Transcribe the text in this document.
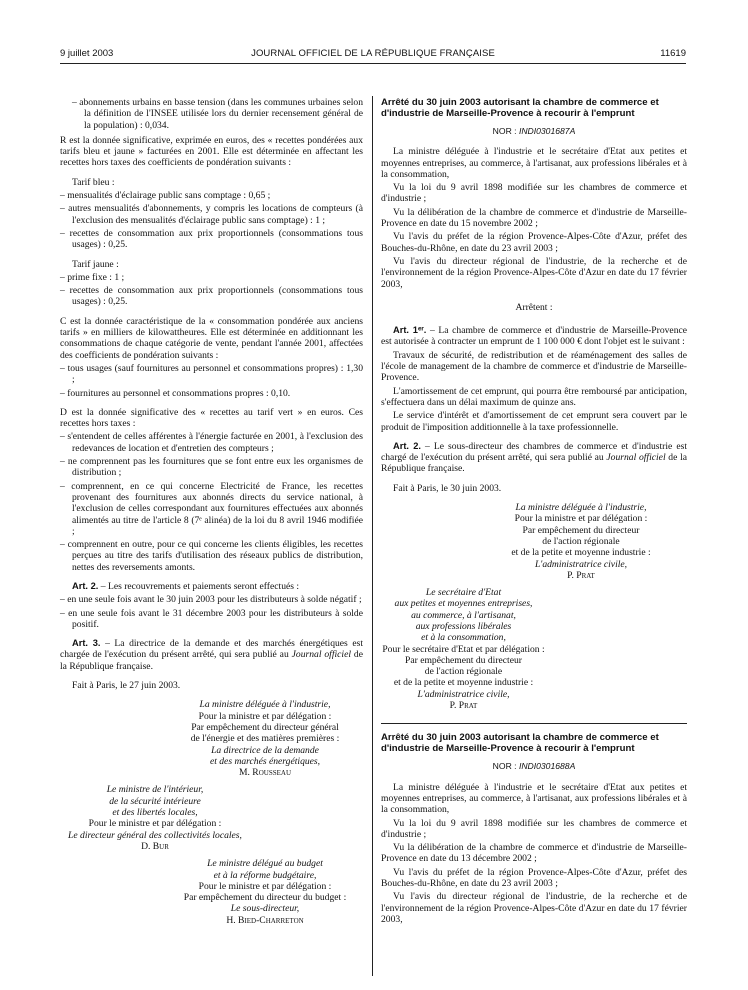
9 juillet 2003	JOURNAL OFFICIEL DE LA RÉPUBLIQUE FRANÇAISE	11619

– abonnements urbains en basse tension (dans les communes urbaines selon la définition de l'INSEE utilisée lors du dernier recensement général de la population) : 0,034.

R est la donnée significative, exprimée en euros, des « recettes pondérées aux tarifs bleu et jaune » facturées en 2001. Elle est déterminée en affectant les recettes hors taxes des coefficients de pondération suivants :

Tarif bleu :

– mensualités d'éclairage public sans comptage : 0,65 ;

– autres mensualités d'abonnements, y compris les locations de compteurs (à l'exclusion des mensualités d'éclairage public sans comptage) : 1 ;

– recettes de consommation aux prix proportionnels (consommations tous usages) : 0,25.

Tarif jaune :

– prime fixe : 1 ;

– recettes de consommation aux prix proportionnels (consommations tous usages) : 0,25.

C est la donnée caractéristique de la « consommation pondérée aux anciens tarifs » en milliers de kilowattheures. Elle est déterminée en additionnant les consommations de chaque catégorie de vente, pendant l'année 2001, affectées des coefficients de pondération suivants :

– tous usages (sauf fournitures au personnel et consommations propres) : 1,30 ;

– fournitures au personnel et consommations propres : 0,10.

D est la donnée significative des « recettes au tarif vert » en euros. Ces recettes hors taxes :

– s'entendent de celles afférentes à l'énergie facturée en 2001, à l'exclusion des redevances de location et d'entretien des compteurs ;

– ne comprennent pas les fournitures que se font entre eux les organismes de distribution ;

– comprennent, en ce qui concerne Electricité de France, les recettes provenant des fournitures aux abonnés directs du service national, à l'exclusion de celles correspondant aux fournitures effectuées aux abonnés alimentés au titre de l'article 8 (7ᵉ alinéa) de la loi du 8 avril 1946 modifiée ;

– comprennent en outre, pour ce qui concerne les clients éligibles, les recettes perçues au titre des tarifs d'utilisation des réseaux publics de distribution, nettes des reversements amonts.

Art. 2. – Les recouvrements et paiements seront effectués :

– en une seule fois avant le 30 juin 2003 pour les distributeurs à solde négatif ;

– en une seule fois avant le 31 décembre 2003 pour les distributeurs à solde positif.

Art. 3. – La directrice de la demande et des marchés énergétiques est chargée de l'exécution du présent arrêté, qui sera publié au Journal officiel de la République française.

Fait à Paris, le 27 juin 2003.

La ministre déléguée à l'industrie,
Pour la ministre et par délégation :
Par empêchement du directeur général
de l'énergie et des matières premières :
La directrice de la demande
et des marchés énergétiques,
M. Rousseau
Le ministre de l'intérieur,
de la sécurité intérieure
et des libertés locales,
Pour le ministre et par délégation :
Le directeur général des collectivités locales,
D. Bur
Le ministre délégué au budget
et à la réforme budgétaire,
Pour le ministre et par délégation :
Par empêchement du directeur du budget :
Le sous-directeur,
H. Bied-Charreton

Arrêté du 30 juin 2003 autorisant la chambre de commerce et d'industrie de Marseille-Provence à recourir à l'emprunt

NOR : INDI0301687A

La ministre déléguée à l'industrie et le secrétaire d'Etat aux petites et moyennes entreprises, au commerce, à l'artisanat, aux professions libérales et à la consommation,

Vu la loi du 9 avril 1898 modifiée sur les chambres de commerce et d'industrie ;

Vu la délibération de la chambre de commerce et d'industrie de Marseille-Provence en date du 15 novembre 2002 ;

Vu l'avis du préfet de la région Provence-Alpes-Côte d'Azur, préfet des Bouches-du-Rhône, en date du 23 avril 2003 ;

Vu l'avis du directeur régional de l'industrie, de la recherche et de l'environnement de la région Provence-Alpes-Côte d'Azur en date du 17 février 2003,

Arrêtent :

Art. 1ᵉʳ. – La chambre de commerce et d'industrie de Marseille-Provence est autorisée à contracter un emprunt de 1 100 000 € dont l'objet est le suivant :

Travaux de sécurité, de redistribution et de réaménagement des salles de l'école de management de la chambre de commerce et d'industrie de Marseille-Provence.

L'amortissement de cet emprunt, qui pourra être remboursé par anticipation, s'effectuera dans un délai maximum de quinze ans.

Le service d'intérêt et d'amortissement de cet emprunt sera couvert par le produit de l'imposition additionnelle à la taxe professionnelle.

Art. 2. – Le sous-directeur des chambres de commerce et d'industrie est chargé de l'exécution du présent arrêté, qui sera publié au Journal officiel de la République française.

Fait à Paris, le 30 juin 2003.

La ministre déléguée à l'industrie,
Pour la ministre et par délégation :
Par empêchement du directeur
de l'action régionale
et de la petite et moyenne industrie :
L'administratrice civile,
P. Prat
Le secrétaire d'Etat
aux petites et moyennes entreprises,
au commerce, à l'artisanat,
aux professions libérales
et à la consommation,
Pour le secrétaire d'Etat et par délégation :
Par empêchement du directeur
de l'action régionale
et de la petite et moyenne industrie :
L'administratrice civile,
P. Prat

Arrêté du 30 juin 2003 autorisant la chambre de commerce et d'industrie de Marseille-Provence à recourir à l'emprunt

NOR : INDI0301688A

La ministre déléguée à l'industrie et le secrétaire d'Etat aux petites et moyennes entreprises, au commerce, à l'artisanat, aux professions libérales et à la consommation,

Vu la loi du 9 avril 1898 modifiée sur les chambres de commerce et d'industrie ;

Vu la délibération de la chambre de commerce et d'industrie de Marseille-Provence en date du 13 décembre 2002 ;

Vu l'avis du préfet de la région Provence-Alpes-Côte d'Azur, préfet des Bouches-du-Rhône, en date du 23 avril 2003 ;

Vu l'avis du directeur régional de l'industrie, de la recherche et de l'environnement de la région Provence-Alpes-Côte d'Azur en date du 17 février 2003,
